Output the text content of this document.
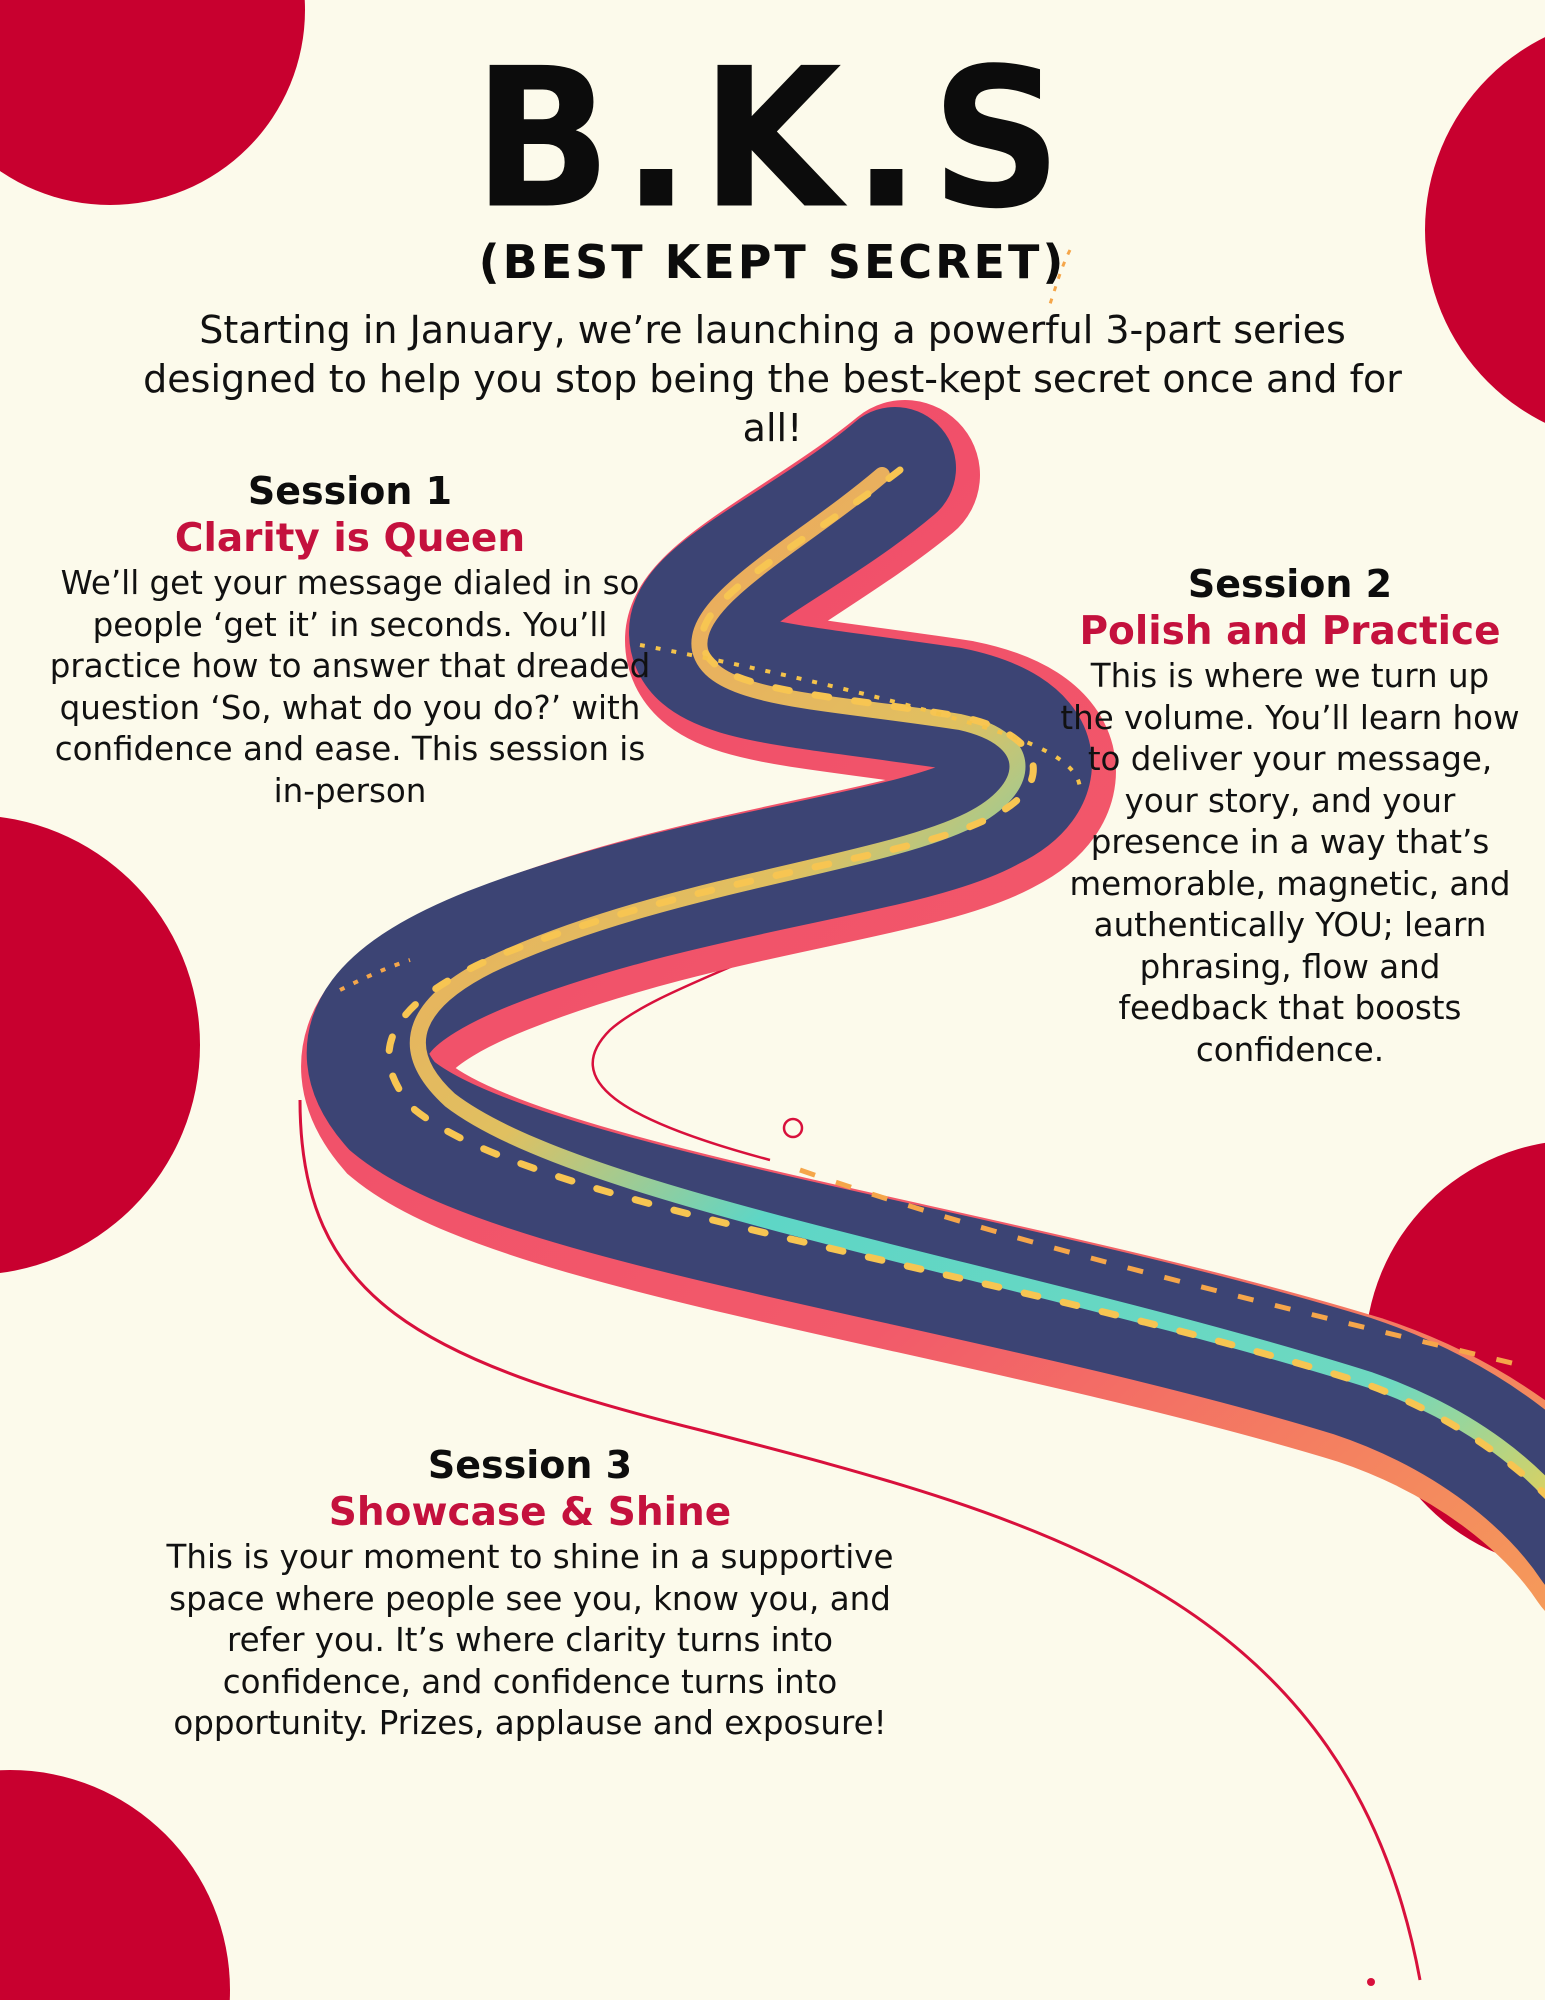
B.K.S
(BEST KEPT SECRET)
Starting in January, we’re launching a powerful 3-part series designed to help you stop being the best-kept secret once and for all!
Session 1
Clarity is Queen
We’ll get your message dialed in so people ‘get it’ in seconds. You’ll practice how to answer that dreaded question ‘So, what do you do?’ with confidence and ease. This session is in-person
Session 2
Polish and Practice
This is where we turn up the volume. You’ll learn how to deliver your message, your story, and your presence in a way that’s memorable, magnetic, and authentically YOU; learn phrasing, flow and feedback that boosts confidence.
Session 3
Showcase & Shine
This is your moment to shine in a supportive space where people see you, know you, and refer you. It’s where clarity turns into confidence, and confidence turns into opportunity. Prizes, applause and exposure!
